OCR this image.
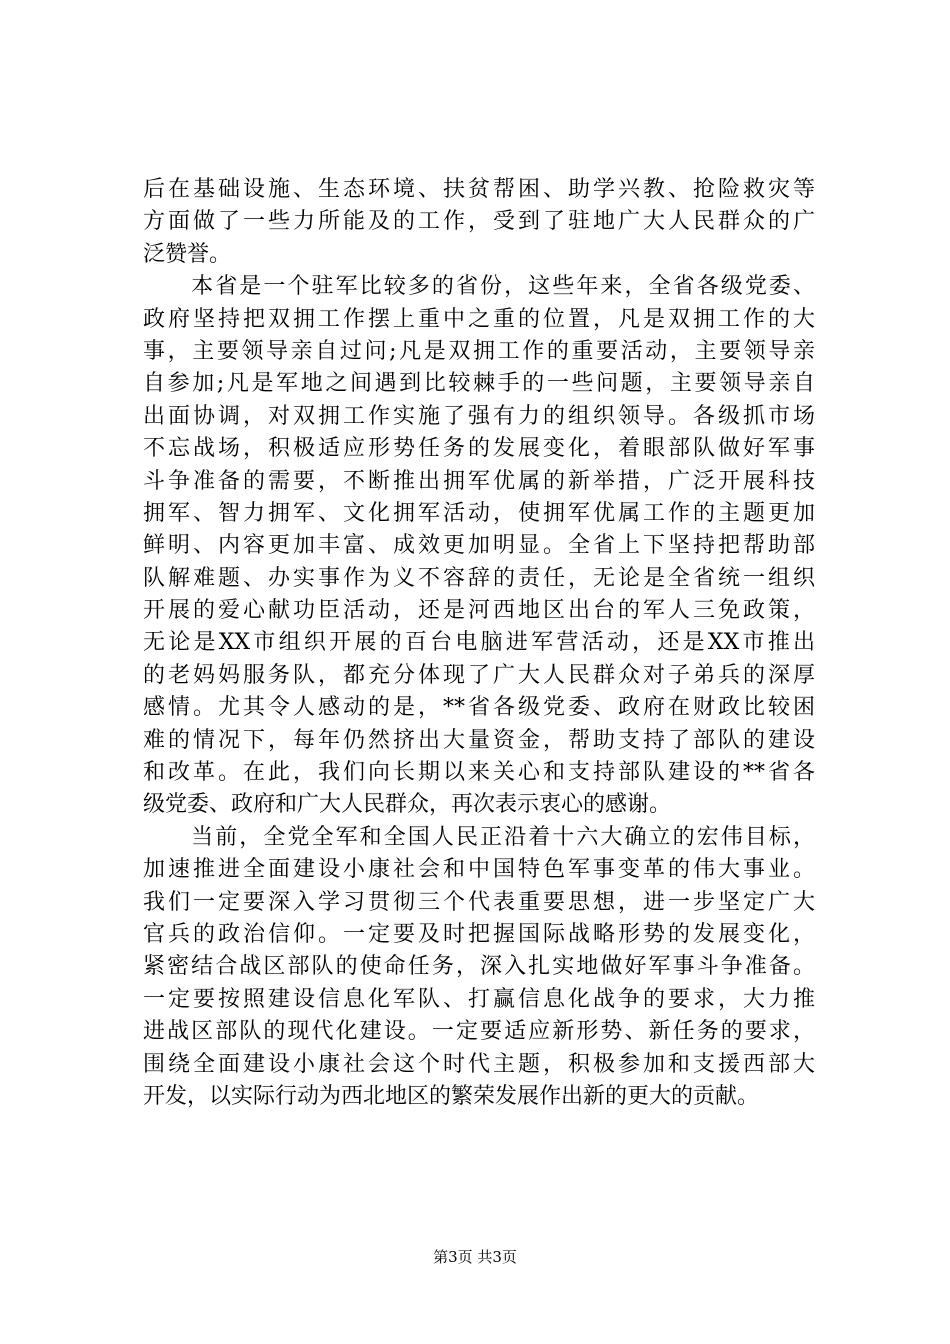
后在基础设施、生态环境、扶贫帮困、助学兴教、抢险救灾等
方面做了一些力所能及的工作，受到了驻地广大人民群众的广
泛赞誉。
　　本省是一个驻军比较多的省份，这些年来，全省各级党委、
政府坚持把双拥工作摆上重中之重的位置，凡是双拥工作的大
事，主要领导亲自过问;凡是双拥工作的重要活动，主要领导亲
自参加;凡是军地之间遇到比较棘手的一些问题，主要领导亲自
出面协调，对双拥工作实施了强有力的组织领导。各级抓市场
不忘战场，积极适应形势任务的发展变化，着眼部队做好军事
斗争准备的需要，不断推出拥军优属的新举措，广泛开展科技
拥军、智力拥军、文化拥军活动，使拥军优属工作的主题更加
鲜明、内容更加丰富、成效更加明显。全省上下坚持把帮助部
队解难题、办实事作为义不容辞的责任，无论是全省统一组织
开展的爱心献功臣活动，还是河西地区出台的军人三免政策，
无论是XX市组织开展的百台电脑进军营活动，还是XX市推出
的老妈妈服务队，都充分体现了广大人民群众对子弟兵的深厚
感情。尤其令人感动的是，**省各级党委、政府在财政比较困
难的情况下，每年仍然挤出大量资金，帮助支持了部队的建设
和改革。在此，我们向长期以来关心和支持部队建设的**省各
级党委、政府和广大人民群众，再次表示衷心的感谢。
　　当前，全党全军和全国人民正沿着十六大确立的宏伟目标，
加速推进全面建设小康社会和中国特色军事变革的伟大事业。
我们一定要深入学习贯彻三个代表重要思想，进一步坚定广大
官兵的政治信仰。一定要及时把握国际战略形势的发展变化，
紧密结合战区部队的使命任务，深入扎实地做好军事斗争准备。
一定要按照建设信息化军队、打赢信息化战争的要求，大力推
进战区部队的现代化建设。一定要适应新形势、新任务的要求，
围绕全面建设小康社会这个时代主题，积极参加和支援西部大
开发，以实际行动为西北地区的繁荣发展作出新的更大的贡献。
第3页 共3页
